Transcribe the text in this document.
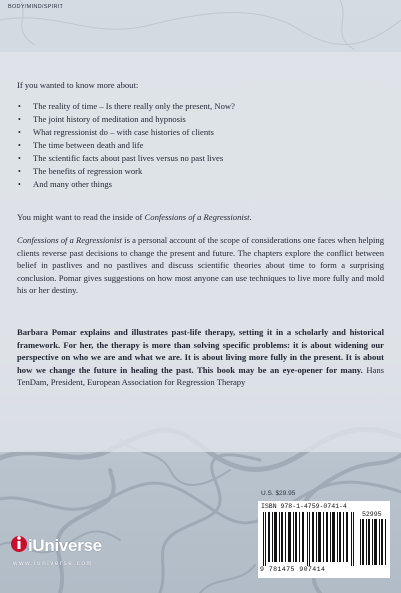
BODY/MIND/SPIRIT
If you wanted to know more about:
• The reality of time – Is there really only the present, Now?
• The joint history of meditation and hypnosis
• What regressionist do – with case histories of clients
• The time between death and life
• The scientific facts about past lives versus no past lives
• The benefits of regression work
• And many other things
You might want to read the inside of Confessions of a Regressionist.

Confessions of a Regressionist is a personal account of the scope of considerations one faces when helping clients reverse past decisions to change the present and future. The chapters explore the conflict between belief in pastlives and no pastlives and discuss scientific theories about time to form a surprising conclusion. Pomar gives suggestions on how most anyone can use techniques to live more fully and mold his or her destiny.

Barbara Pomar explains and illustrates past-life therapy, setting it in a scholarly and historical framework. For her, the therapy is more than solving specific problems: it is about widening our perspective on who we are and what we are. It is about living more fully in the present. It is about how we change the future in healing the past. This book may be an eye-opener for many. Hans TenDam, President, European Association for Regression Therapy

U.S. $29.95
ISBN 978-1-4759-0741-4
52995
9 781475 907414
iUniverse
www.iuniverse.com
